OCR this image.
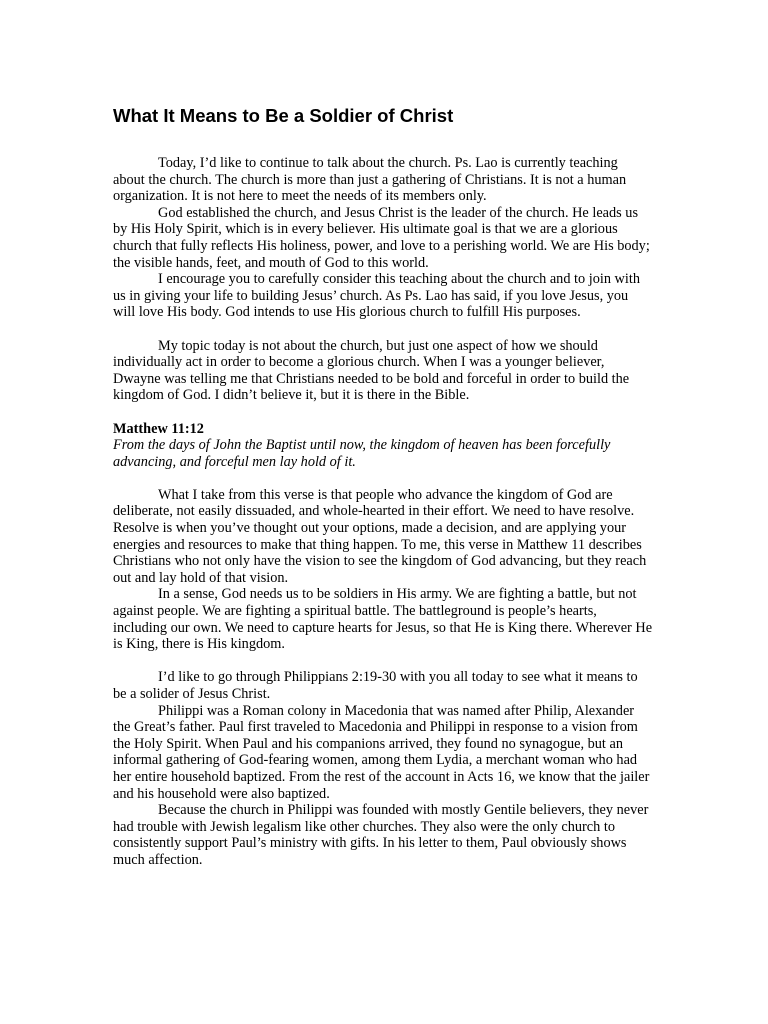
What It Means to Be a Soldier of Christ

Today, I’d like to continue to talk about the church. Ps. Lao is currently teaching about the church. The church is more than just a gathering of Christians. It is not a human organization. It is not here to meet the needs of its members only.

God established the church, and Jesus Christ is the leader of the church. He leads us by His Holy Spirit, which is in every believer. His ultimate goal is that we are a glorious church that fully reflects His holiness, power, and love to a perishing world. We are His body; the visible hands, feet, and mouth of God to this world.

I encourage you to carefully consider this teaching about the church and to join with us in giving your life to building Jesus’ church. As Ps. Lao has said, if you love Jesus, you will love His body. God intends to use His glorious church to fulfill His purposes.

My topic today is not about the church, but just one aspect of how we should individually act in order to become a glorious church. When I was a younger believer, Dwayne was telling me that Christians needed to be bold and forceful in order to build the kingdom of God. I didn’t believe it, but it is there in the Bible.

Matthew 11:12

From the days of John the Baptist until now, the kingdom of heaven has been forcefully advancing, and forceful men lay hold of it.

What I take from this verse is that people who advance the kingdom of God are deliberate, not easily dissuaded, and whole-hearted in their effort. We need to have resolve. Resolve is when you’ve thought out your options, made a decision, and are applying your energies and resources to make that thing happen. To me, this verse in Matthew 11 describes Christians who not only have the vision to see the kingdom of God advancing, but they reach out and lay hold of that vision.

In a sense, God needs us to be soldiers in His army. We are fighting a battle, but not against people. We are fighting a spiritual battle. The battleground is people’s hearts, including our own. We need to capture hearts for Jesus, so that He is King there. Wherever He is King, there is His kingdom.

I’d like to go through Philippians 2:19-30 with you all today to see what it means to be a solider of Jesus Christ.

Philippi was a Roman colony in Macedonia that was named after Philip, Alexander the Great’s father. Paul first traveled to Macedonia and Philippi in response to a vision from the Holy Spirit. When Paul and his companions arrived, they found no synagogue, but an informal gathering of God-fearing women, among them Lydia, a merchant woman who had her entire household baptized. From the rest of the account in Acts 16, we know that the jailer and his household were also baptized.

Because the church in Philippi was founded with mostly Gentile believers, they never had trouble with Jewish legalism like other churches. They also were the only church to consistently support Paul’s ministry with gifts. In his letter to them, Paul obviously shows much affection.
